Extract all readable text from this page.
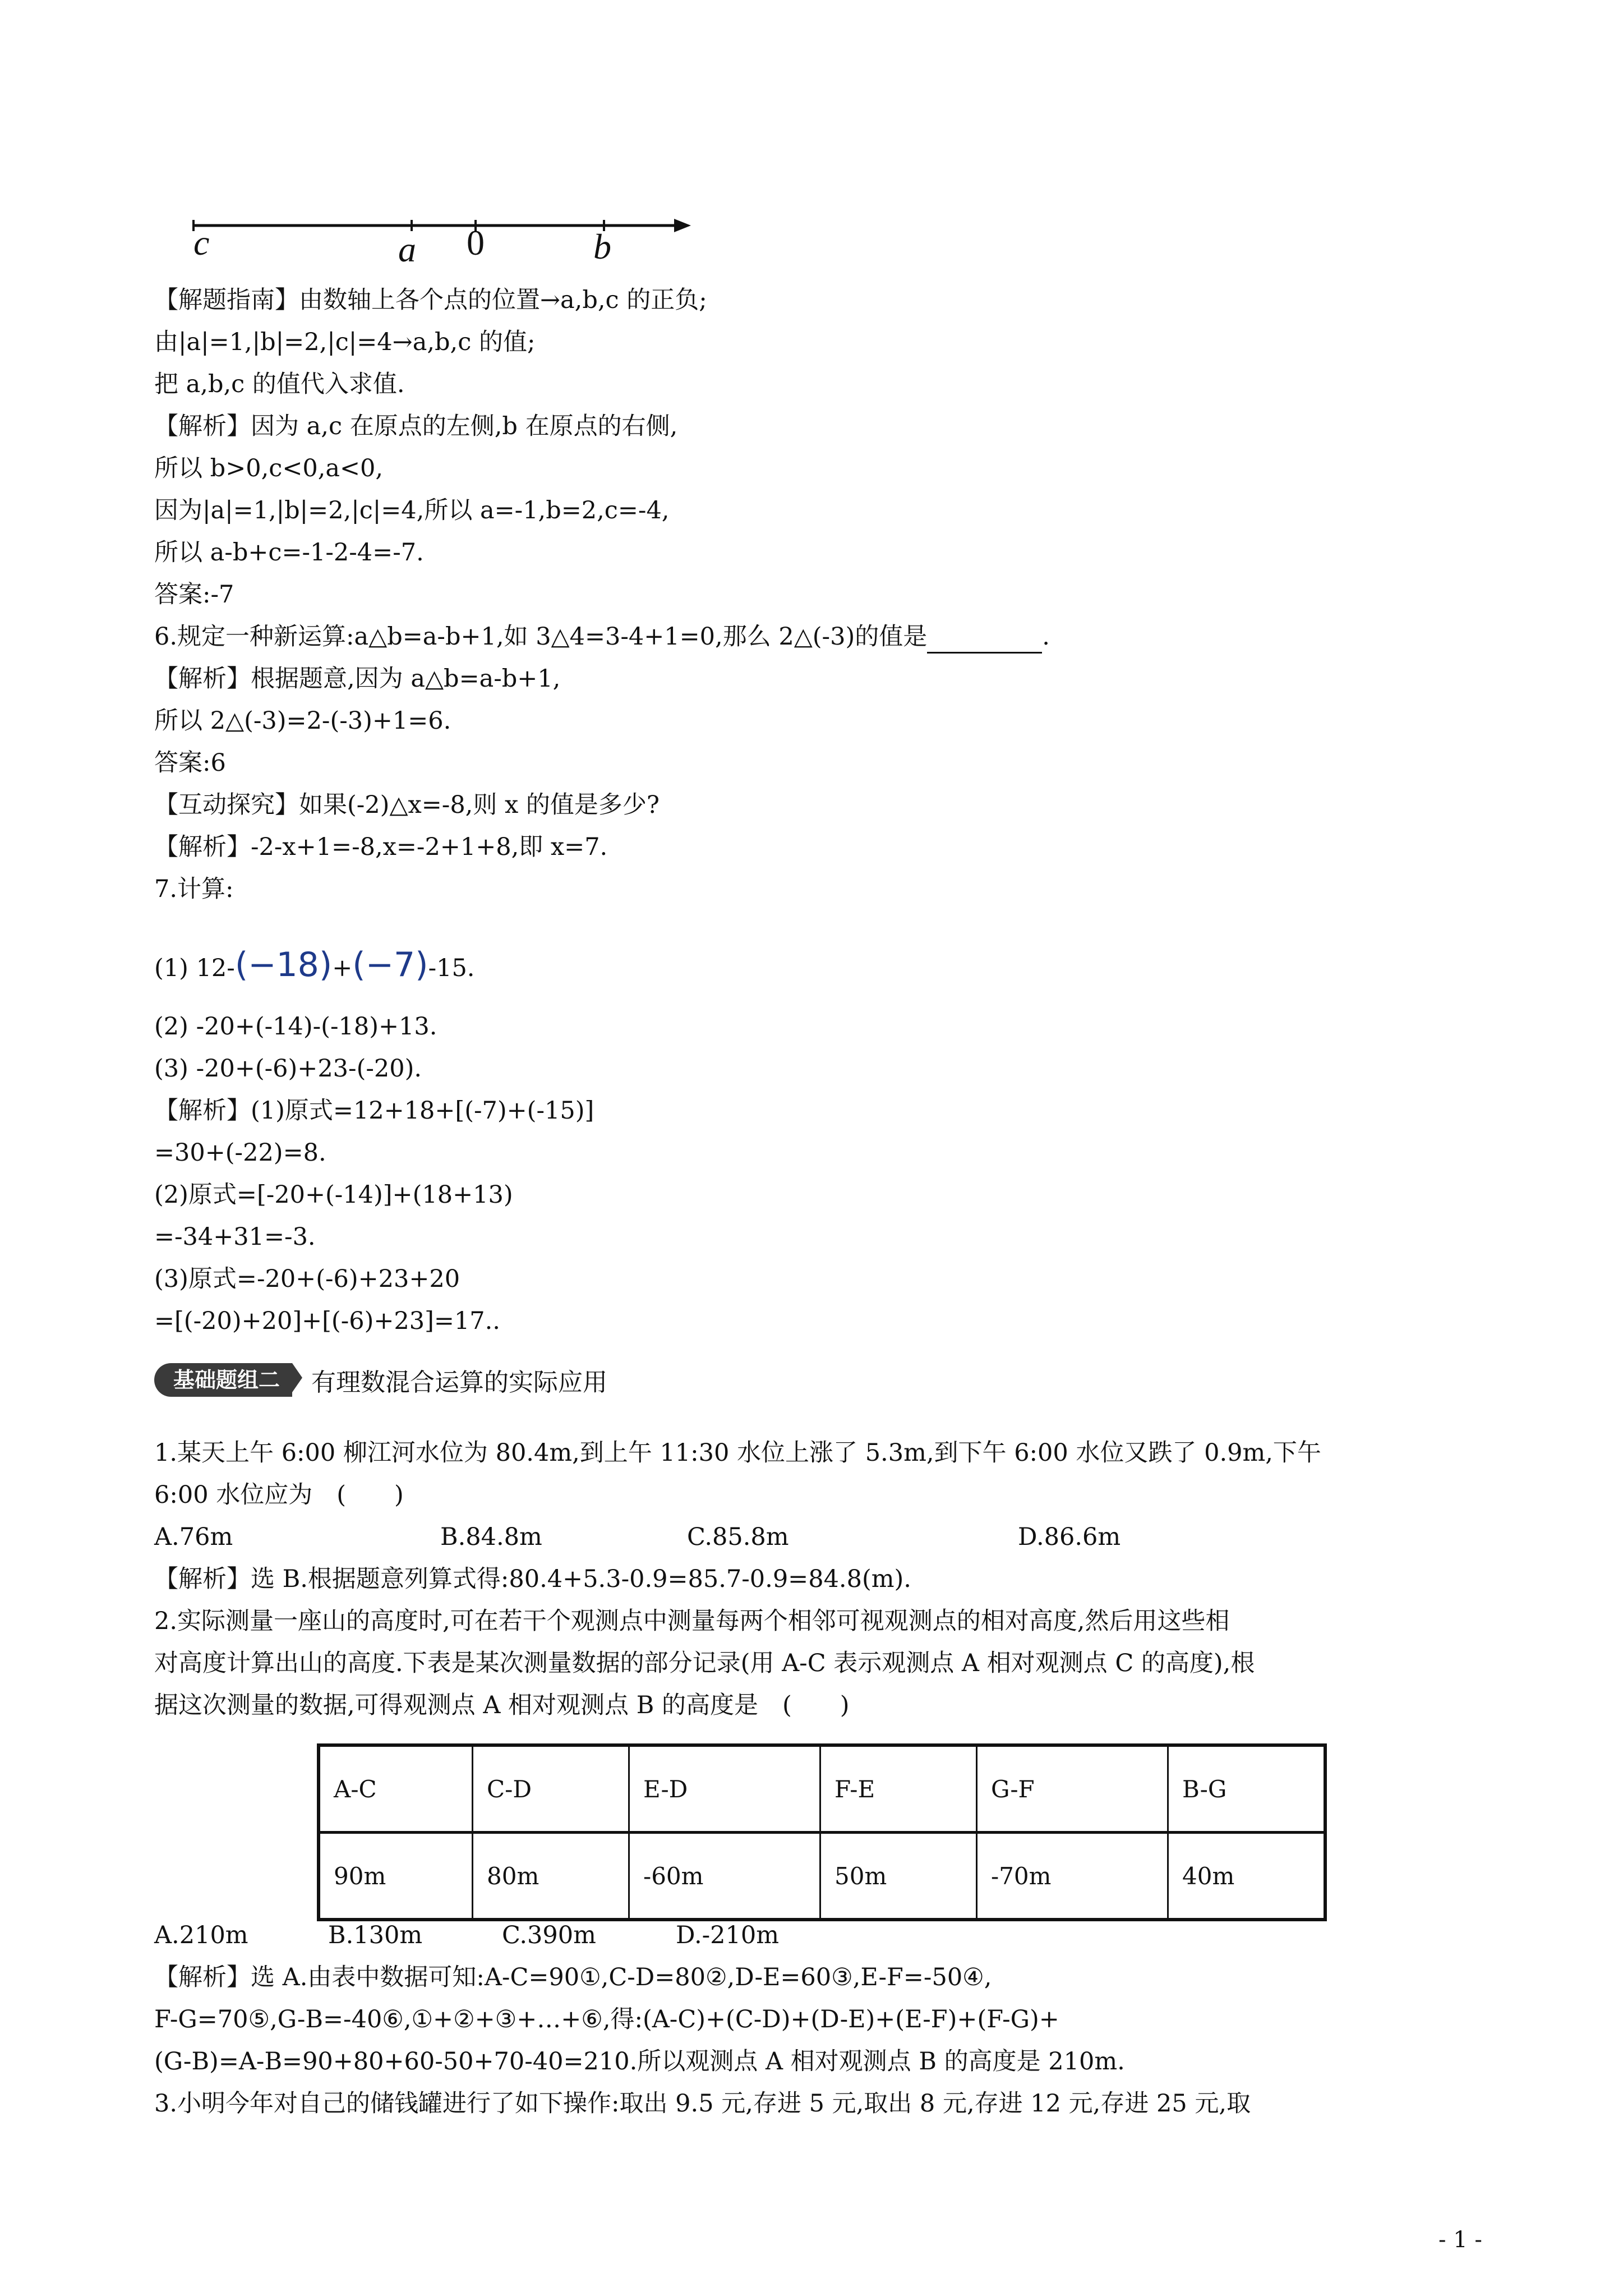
c	a 0	b
【解题指南】由数轴上各个点的位置→a,b,c 的正负;
由|a|=1,|b|=2,|c|=4→a,b,c 的值;
把 a,b,c 的值代入求值.
【解析】因为 a,c 在原点的左侧,b 在原点的右侧,
所以 b>0,c<0,a<0,
因为|a|=1,|b|=2,|c|=4,所以 a=-1,b=2,c=-4,
所以 a-b+c=-1-2-4=-7.
答案:-7
6.规定一种新运算:a△b=a-b+1,如 3△4=3-4+1=0,那么 2△(-3)的值是	.
【解析】根据题意,因为 a△b=a-b+1,
所以 2△(-3)=2-(-3)+1=6.
答案:6
【互动探究】如果(-2)△x=-8,则 x 的值是多少?
【解析】-2-x+1=-8,x=-2+1+8,即 x=7.
7.计算:
(1) 12-(−18)+(−7)-15.
(2) -20+(-14)-(-18)+13.
(3) -20+(-6)+23-(-20).
【解析】(1)原式=12+18+[(-7)+(-15)]
=30+(-22)=8.
(2)原式=[-20+(-14)]+(18+13)
=-34+31=-3.
(3)原式=-20+(-6)+23+20
=[(-20)+20]+[(-6)+23]=17..
基础题组二	有理数混合运算的实际应用
1.某天上午 6:00 柳江河水位为 80.4m,到上午 11:30 水位上涨了 5.3m,到下午 6:00 水位又跌了 0.9m,下午
6:00 水位应为　(　　)
A.76m	B.84.8m	C.85.8m	D.86.6m
【解析】选 B.根据题意列算式得:80.4+5.3-0.9=85.7-0.9=84.8(m).
2.实际测量一座山的高度时,可在若干个观测点中测量每两个相邻可视观测点的相对高度,然后用这些相
对高度计算出山的高度.下表是某次测量数据的部分记录(用 A-C 表示观测点 A 相对观测点 C 的高度),根
据这次测量的数据,可得观测点 A 相对观测点 B 的高度是　(　　)
A-C	C-D	E-D	F-E	G-F	B-G
90m	80m	-60m	50m	-70m	40m
A.210m	B.130m	C.390m	D.-210m
【解析】选 A.由表中数据可知:A-C=90①,C-D=80②,D-E=60③,E-F=-50④,
F-G=70⑤,G-B=-40⑥,①+②+③+…+⑥,得:(A-C)+(C-D)+(D-E)+(E-F)+(F-G)+
(G-B)=A-B=90+80+60-50+70-40=210.所以观测点 A 相对观测点 B 的高度是 210m.
3.小明今年对自己的储钱罐进行了如下操作:取出 9.5 元,存进 5 元,取出 8 元,存进 12 元,存进 25 元,取
- 1 -
